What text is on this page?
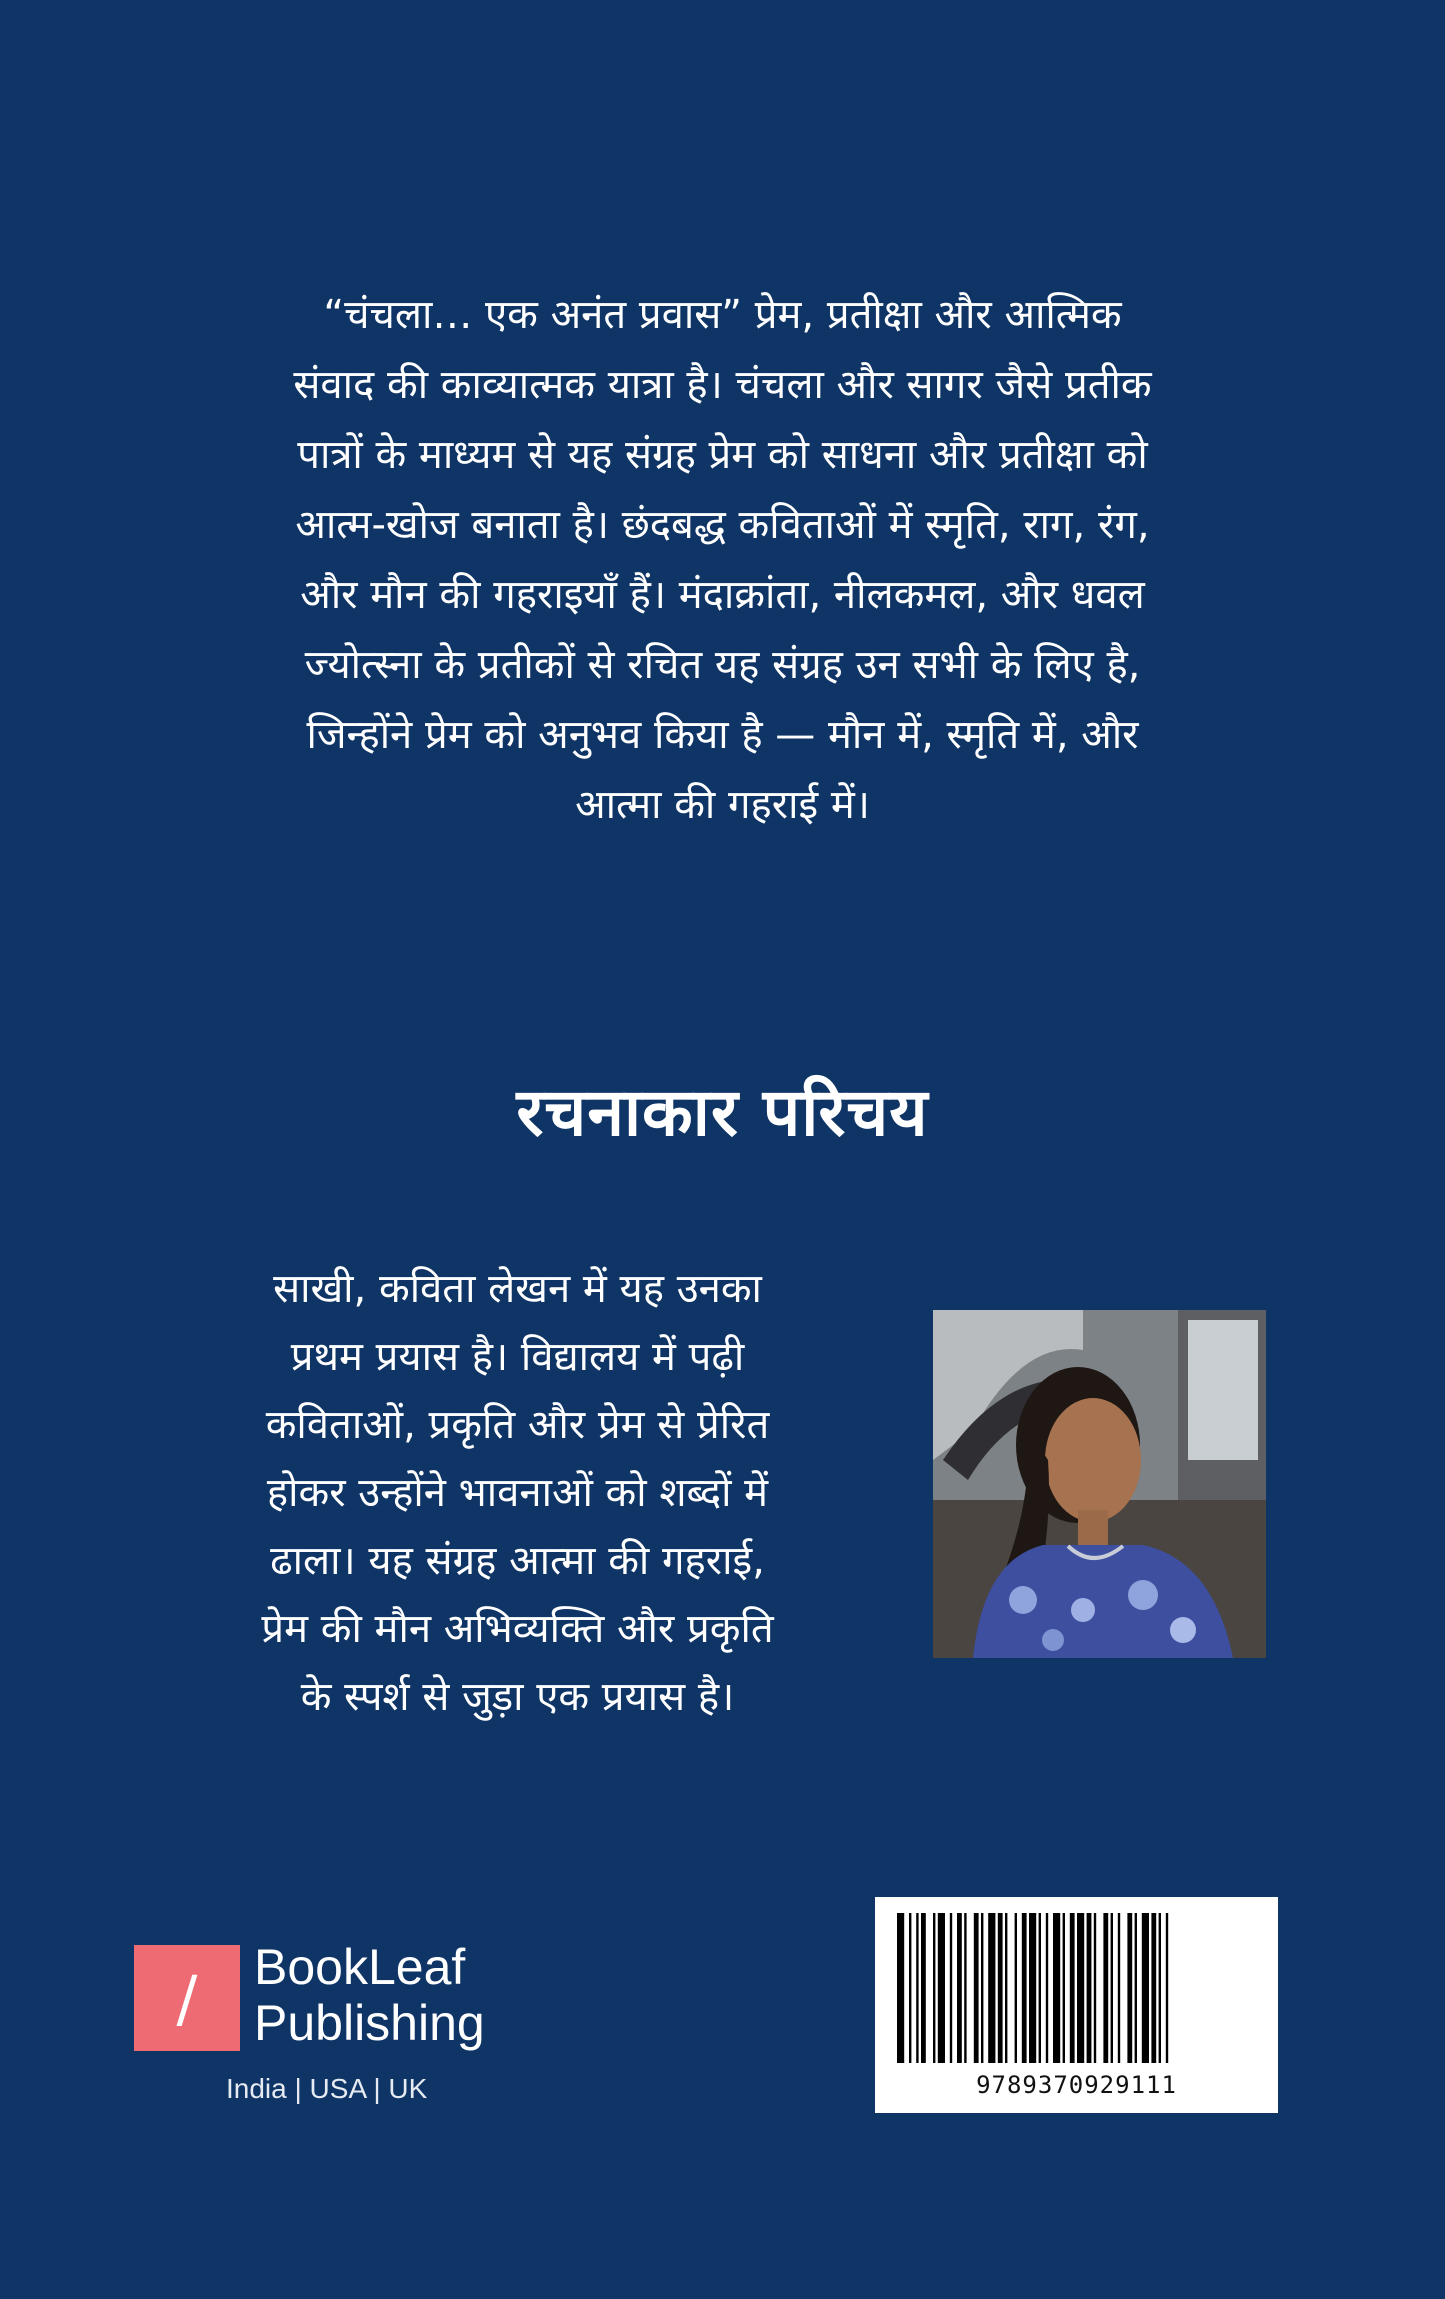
“चंचला… एक अनंत प्रवास” प्रेम, प्रतीक्षा और आत्मिक
संवाद की काव्यात्मक यात्रा है। चंचला और सागर जैसे प्रतीक
पात्रों के माध्यम से यह संग्रह प्रेम को साधना और प्रतीक्षा को
आत्म-खोज बनाता है। छंदबद्ध कविताओं में स्मृति, राग, रंग,
और मौन की गहराइयाँ हैं। मंदाक्रांता, नीलकमल, और धवल
ज्योत्स्ना के प्रतीकों से रचित यह संग्रह उन सभी के लिए है,
जिन्होंने प्रेम को अनुभव किया है — मौन में, स्मृति में, और
आत्मा की गहराई में।
रचनाकार परिचय
साखी, कविता लेखन में यह उनका
प्रथम प्रयास है। विद्यालय में पढ़ी
कविताओं, प्रकृति और प्रेम से प्रेरित
होकर उन्होंने भावनाओं को शब्दों में
ढाला। यह संग्रह आत्मा की गहराई,
प्रेम की मौन अभिव्यक्ति और प्रकृति
के स्पर्श से जुड़ा एक प्रयास है।
/	BookLeaf
Publishing
India | USA | UK	9789370929111
